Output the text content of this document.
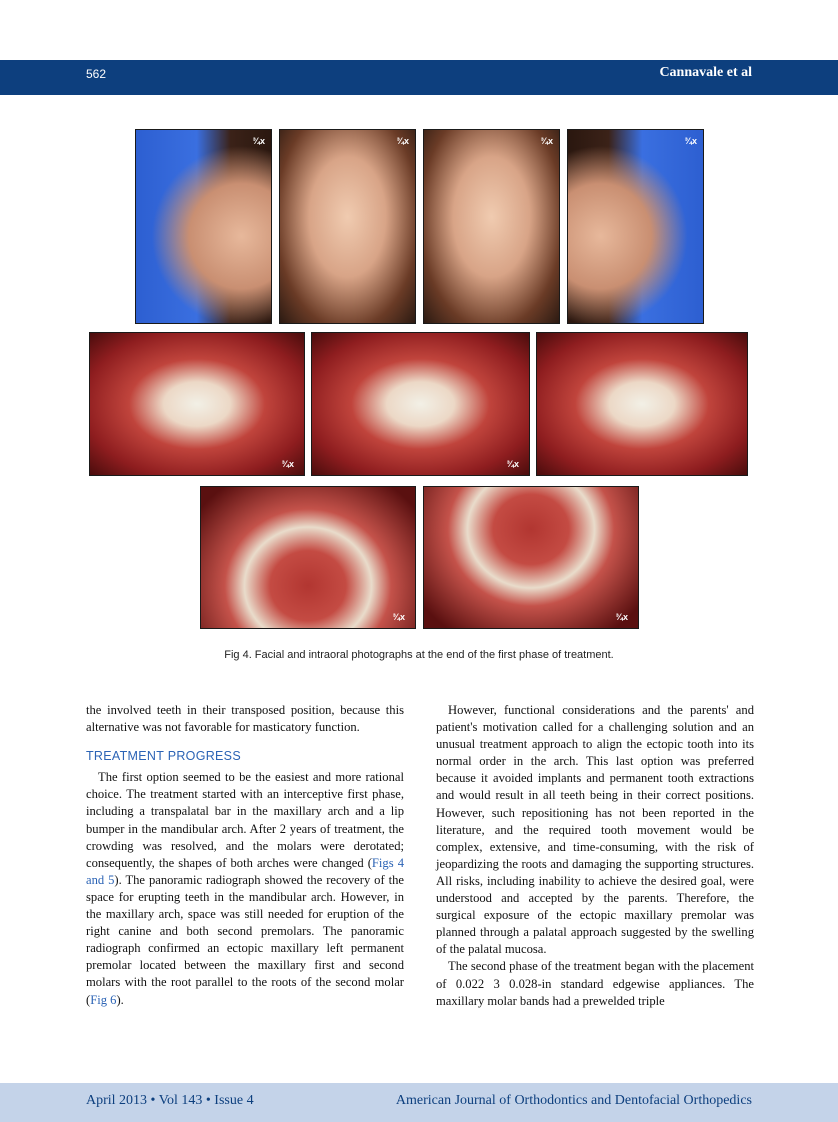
562	Cannavale et al
¾x	¾x	¾x	¾x
¾x	¾x
¾x	¾x
Fig 4. Facial and intraoral photographs at the end of the first phase of treatment.

the involved teeth in their transposed position, because this alternative was not favorable for masticatory function.

TREATMENT PROGRESS

The first option seemed to be the easiest and more rational choice. The treatment started with an interceptive first phase, including a transpalatal bar in the maxillary arch and a lip bumper in the mandibular arch. After 2 years of treatment, the crowding was resolved, and the molars were derotated; consequently, the shapes of both arches were changed (Figs 4 and 5). The panoramic radiograph showed the recovery of the space for erupting teeth in the mandibular arch. However, in the maxillary arch, space was still needed for eruption of the right canine and both second premolars. The panoramic radiograph confirmed an ectopic maxillary left permanent premolar located between the maxillary first and second molars with the root parallel to the roots of the second molar (Fig 6).

However, functional considerations and the parents' and patient's motivation called for a challenging solution and an unusual treatment approach to align the ectopic tooth into its normal order in the arch. This last option was preferred because it avoided implants and permanent tooth extractions and would result in all teeth being in their correct positions. However, such repositioning has not been reported in the literature, and the required tooth movement would be complex, extensive, and time-consuming, with the risk of jeopardizing the roots and damaging the supporting structures. All risks, including inability to achieve the desired goal, were understood and accepted by the parents. Therefore, the surgical exposure of the ectopic maxillary premolar was planned through a palatal approach suggested by the swelling of the palatal mucosa.

The second phase of the treatment began with the placement of 0.022 3 0.028-in standard edgewise appliances. The maxillary molar bands had a prewelded triple

April 2013 • Vol 143 • Issue 4	American Journal of Orthodontics and Dentofacial Orthopedics
